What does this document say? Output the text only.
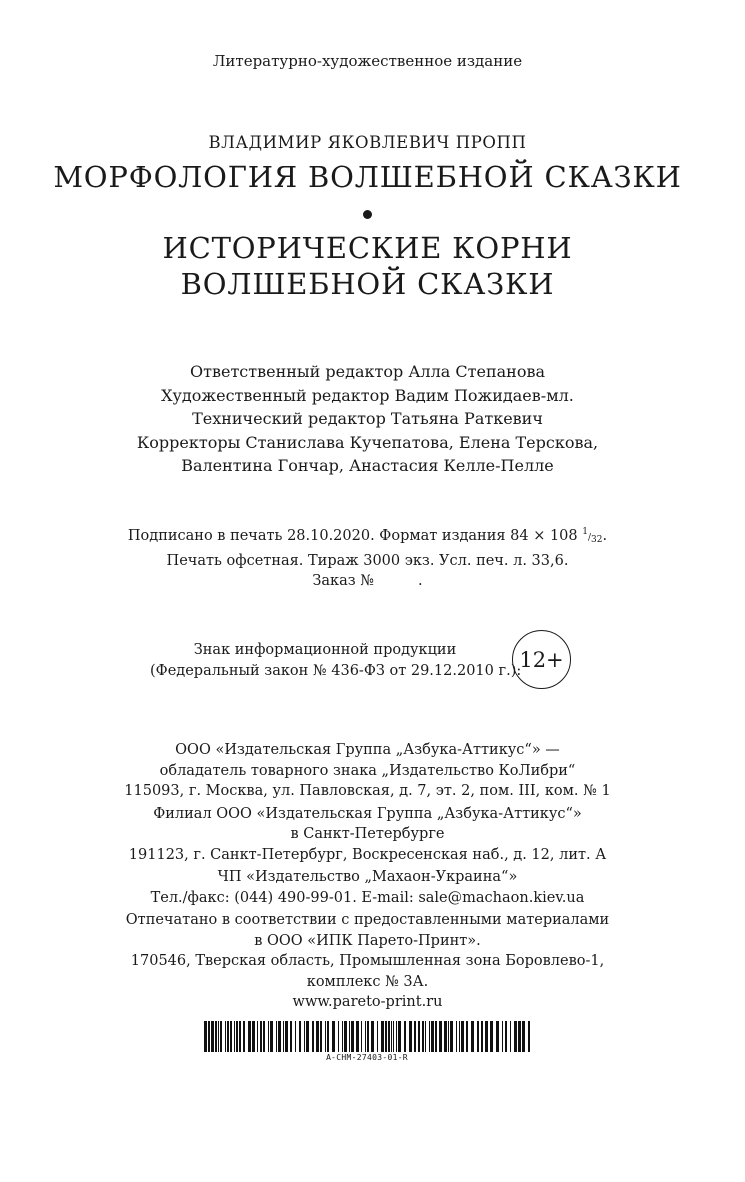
Литературно-художественное издание
ВЛАДИМИР ЯКОВЛЕВИЧ ПРОПП
МОРФОЛОГИЯ ВОЛШЕБНОЙ СКАЗКИ
ИСТОРИЧЕСКИЕ КОРНИ
ВОЛШЕБНОЙ СКАЗКИ
Ответственный редактор Алла Степанова
Художественный редактор Вадим Пожидаев-мл.
Технический редактор Татьяна Раткевич
Корректоры Станислава Кучепатова, Елена Терскова,
Валентина Гончар, Анастасия Келле-Пелле
Подписано в печать 28.10.2020. Формат издания 84 × 108 $^1/_{32}$.
Печать офсетная. Тираж 3000 экз. Усл. печ. л. 33,6.
Заказ №	.
Знак информационной продукции
(Федеральный закон № 436-ФЗ от 29.12.2010 г.):
12+
ООО «Издательская Группа „Азбука-Аттикус“» —
обладатель товарного знака „Издательство КоЛибри“
115093, г. Москва, ул. Павловская, д. 7, эт. 2, пом. III, ком. № 1
Филиал ООО «Издательская Группа „Азбука-Аттикус“»
в Санкт-Петербурге
191123, г. Санкт-Петербург, Воскресенская наб., д. 12, лит. А
ЧП «Издательство „Махаон-Украина“»
Тел./факс: (044) 490-99-01. E-mail: sale@machaon.kiev.ua
Отпечатано в соответствии с предоставленными материалами
в ООО «ИПК Парето-Принт».
170546, Тверская область, Промышленная зона Боровлево-1,
комплекс № 3А.
www.pareto-print.ru
A-CHM-27403-01-R
